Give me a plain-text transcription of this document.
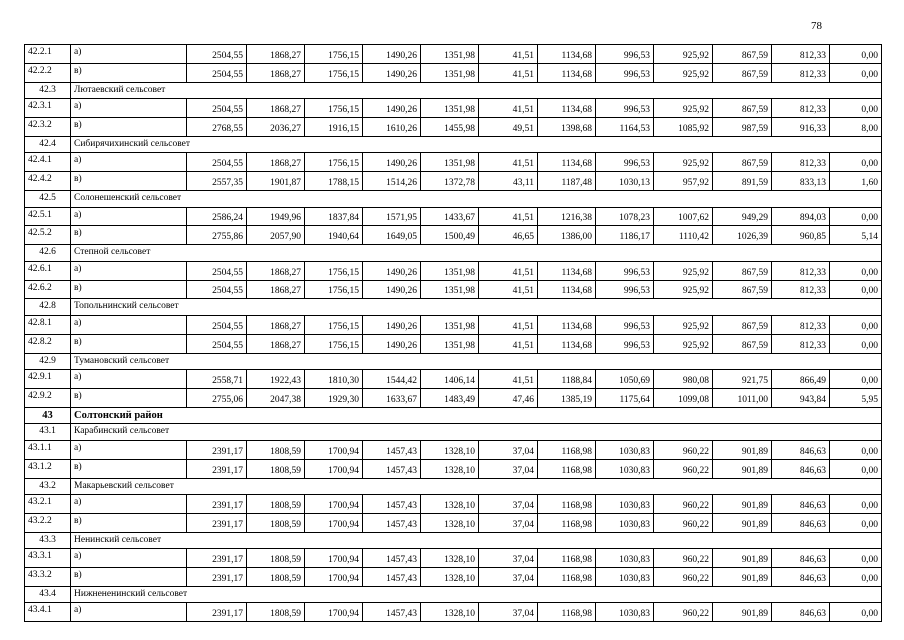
78
42.2.1	а)	2504,55	1868,27	1756,15	1490,26	1351,98	41,51	1134,68	996,53	925,92	867,59	812,33	0,00
42.2.2	в)	2504,55	1868,27	1756,15	1490,26	1351,98	41,51	1134,68	996,53	925,92	867,59	812,33	0,00
42.3	Лютаевский сельсовет												
42.3.1	а)	2504,55	1868,27	1756,15	1490,26	1351,98	41,51	1134,68	996,53	925,92	867,59	812,33	0,00
42.3.2	в)	2768,55	2036,27	1916,15	1610,26	1455,98	49,51	1398,68	1164,53	1085,92	987,59	916,33	8,00
42.4	Сибирячихинский сельсовет												
42.4.1	а)	2504,55	1868,27	1756,15	1490,26	1351,98	41,51	1134,68	996,53	925,92	867,59	812,33	0,00
42.4.2	в)	2557,35	1901,87	1788,15	1514,26	1372,78	43,11	1187,48	1030,13	957,92	891,59	833,13	1,60
42.5	Солонешенский сельсовет												
42.5.1	а)	2586,24	1949,96	1837,84	1571,95	1433,67	41,51	1216,38	1078,23	1007,62	949,29	894,03	0,00
42.5.2	в)	2755,86	2057,90	1940,64	1649,05	1500,49	46,65	1386,00	1186,17	1110,42	1026,39	960,85	5,14
42.6	Степной сельсовет												
42.6.1	а)	2504,55	1868,27	1756,15	1490,26	1351,98	41,51	1134,68	996,53	925,92	867,59	812,33	0,00
42.6.2	в)	2504,55	1868,27	1756,15	1490,26	1351,98	41,51	1134,68	996,53	925,92	867,59	812,33	0,00
42.8	Топольнинский сельсовет												
42.8.1	а)	2504,55	1868,27	1756,15	1490,26	1351,98	41,51	1134,68	996,53	925,92	867,59	812,33	0,00
42.8.2	в)	2504,55	1868,27	1756,15	1490,26	1351,98	41,51	1134,68	996,53	925,92	867,59	812,33	0,00
42.9	Тумановский сельсовет												
42.9.1	а)	2558,71	1922,43	1810,30	1544,42	1406,14	41,51	1188,84	1050,69	980,08	921,75	866,49	0,00
42.9.2	в)	2755,06	2047,38	1929,30	1633,67	1483,49	47,46	1385,19	1175,64	1099,08	1011,00	943,84	5,95
43	Солтонский район												
43.1	Карабинский сельсовет												
43.1.1	а)	2391,17	1808,59	1700,94	1457,43	1328,10	37,04	1168,98	1030,83	960,22	901,89	846,63	0,00
43.1.2	в)	2391,17	1808,59	1700,94	1457,43	1328,10	37,04	1168,98	1030,83	960,22	901,89	846,63	0,00
43.2	Макарьевский сельсовет												
43.2.1	а)	2391,17	1808,59	1700,94	1457,43	1328,10	37,04	1168,98	1030,83	960,22	901,89	846,63	0,00
43.2.2	в)	2391,17	1808,59	1700,94	1457,43	1328,10	37,04	1168,98	1030,83	960,22	901,89	846,63	0,00
43.3	Ненинский сельсовет												
43.3.1	а)	2391,17	1808,59	1700,94	1457,43	1328,10	37,04	1168,98	1030,83	960,22	901,89	846,63	0,00
43.3.2	в)	2391,17	1808,59	1700,94	1457,43	1328,10	37,04	1168,98	1030,83	960,22	901,89	846,63	0,00
43.4	Нижнененинский сельсовет												
43.4.1	а)	2391,17	1808,59	1700,94	1457,43	1328,10	37,04	1168,98	1030,83	960,22	901,89	846,63	0,00
